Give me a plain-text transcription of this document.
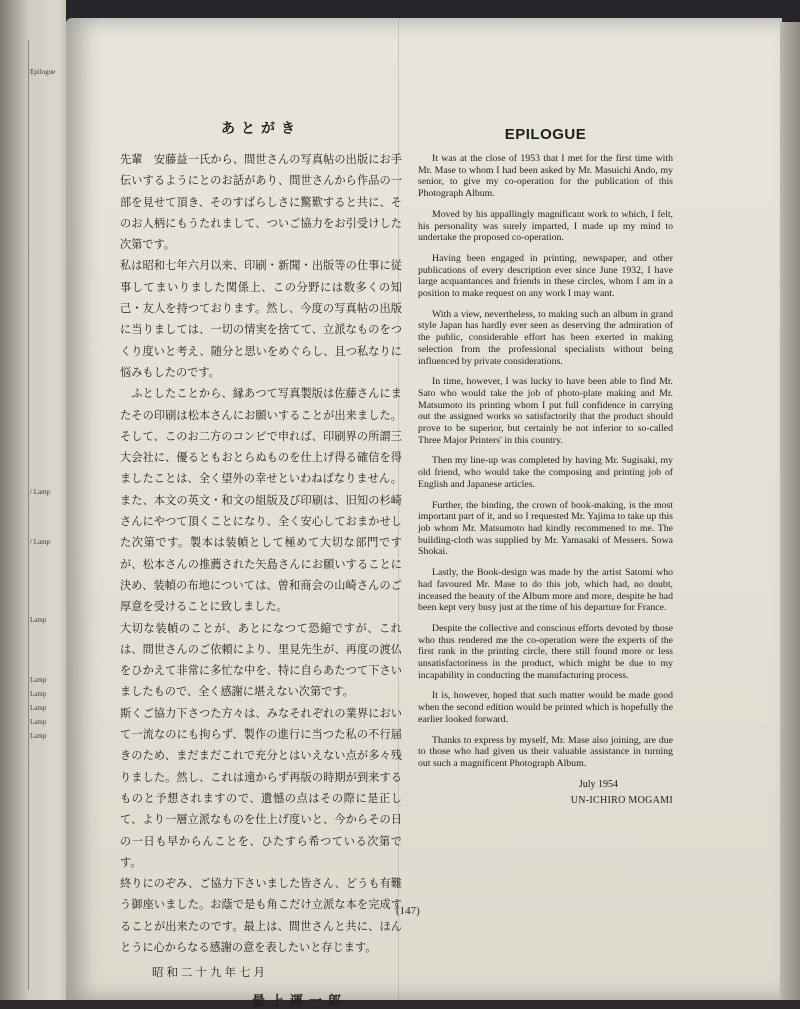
Epilogue
/ Lamp
/ Lamp
Lamp
Lamp
Lamp
Lamp
Lamp
Lamp
あとがき

先輩　安藤益一氏から、間世さんの写真帖の出版にお手伝いするようにとのお話があり、間世さんから作品の一部を見せて頂き、そのすばらしさに驚歎すると共に、そのお人柄にもうたれまして、ついご協力をお引受けした次第です。

私は昭和七年六月以来、印刷・新聞・出版等の仕事に従事してまいりました関係上、この分野には数多くの知己・友人を持つております。然し、今度の写真帖の出版に当りましては、一切の情実を捨てて、立派なものをつくり度いと考え、随分と思いをめぐらし、且つ私なりに悩みもしたのです。

ふとしたことから、縁あつて写真製版は佐藤さんにまたその印刷は松本さんにお願いすることが出来ました。そして、このお二方のコンビで申れば、印刷界の所謂三大会社に、優るともおとらぬものを仕上げ得る確信を得ましたことは、全く望外の幸せといわねばなりません。また、本文の英文・和文の組版及び印刷は、旧知の杉崎さんにやつて頂くことになり、全く安心しておまかせした次第です。製本は装幀として極めて大切な部門ですが、松本さんの推薦された矢島さんにお願いすることに決め、装幀の布地については、曽和商会の山崎さんのご厚意を受けることに致しました。

大切な装幀のことが、あとになつて恐縮ですが、これは、間世さんのご依頼により、里見先生が、再度の渡仏をひかえて非常に多忙な中を、特に自らあたつて下さいましたもので、全く感謝に堪えない次第です。

斯くご協力下さつた方々は、みなそれぞれの業界において一流なのにも拘らず、製作の進行に当つた私の不行届きのため、まだまだこれで充分とはいえない点が多々残りました。然し、これは遠からず再版の時期が到来するものと予想されますので、遺憾の点はその際に是正して、より一層立派なものを仕上げ度いと、今からその日の一日も早からんことを、ひたすら希つている次第です。

終りにのぞみ、ご協力下さいました皆さん、どうも有難う御座いました。お蔭で是も角こだけ立派な本を完成することが出来たのです。最上は、間世さんと共に、ほんとうに心からなる感謝の意を表したいと存じます。

昭和二十九年七月
最上運一郎
EPILOGUE

It was at the close of 1953 that I met for the first time with Mr. Mase to whom I had been asked by Mr. Masuichi Ando, my senior, to give my co-operation for the publication of this Photograph Album.

Moved by his appallingly magnificant work to which, I felt, his personality was surely imparted, I made up my mind to undertake the proposed co-operation.

Having been engaged in printing, newspaper, and other publications of every description ever since June 1932, I have large acquantances and friends in these circles, whom I am in a position to make request on any work I may want.

With a view, nevertheless, to making such an album in grand style Japan has hardly ever seen as deserving the admiration of the public, considerable effort has been exerted in making selection from the professional specialists without being influenced by private considerations.

In time, however, I was lucky to have been able to find Mr. Sato who would take the job of photo-plate making and Mr. Matsumoto its printing whom I put full confidence in carrying out the assigned works so satisfactorily that the product should prove to be superior, but certainly be not inferior to so-called Three Major Printers' in this country.

Then my line-up was completed by having Mr. Sugisaki, my old friend, who would take the composing and printing job of English and Japanese articles.

Further, the binding, the crown of book-making, is the most important part of it, and so I requested Mr. Yajima to take up this job whom Mr. Matsumoto had kindly recommened to me. The building-cloth was supplied by Mr. Yamasaki of Messers. Sowa Shokai.

Lastly, the Book-design was made by the artist Satomi who had favoured Mr. Mase to do this job, which had, no doubt, inceased the beauty of the Album more and more, despite he had been kept very busy just at the time of his departure for France.

Despite the collective and conscious efforts devoted by those who thus rendered me the co-operation were the experts of the first rank in the printing circle, there still found more or less unsatisfactoriness in the product, which might be due to my incapability in conducting the manufacturing process.

It is, however, hoped that such matter would be made good when the second edition would be printed which is hopefully the earlier looked forward.

Thanks to express by myself, Mr. Mase also joining, are due to those who had given us their valuable assistance in turning out such a magnificent Photograph Album.

July 1954
UN-ICHIRO MOGAMI
(147)
